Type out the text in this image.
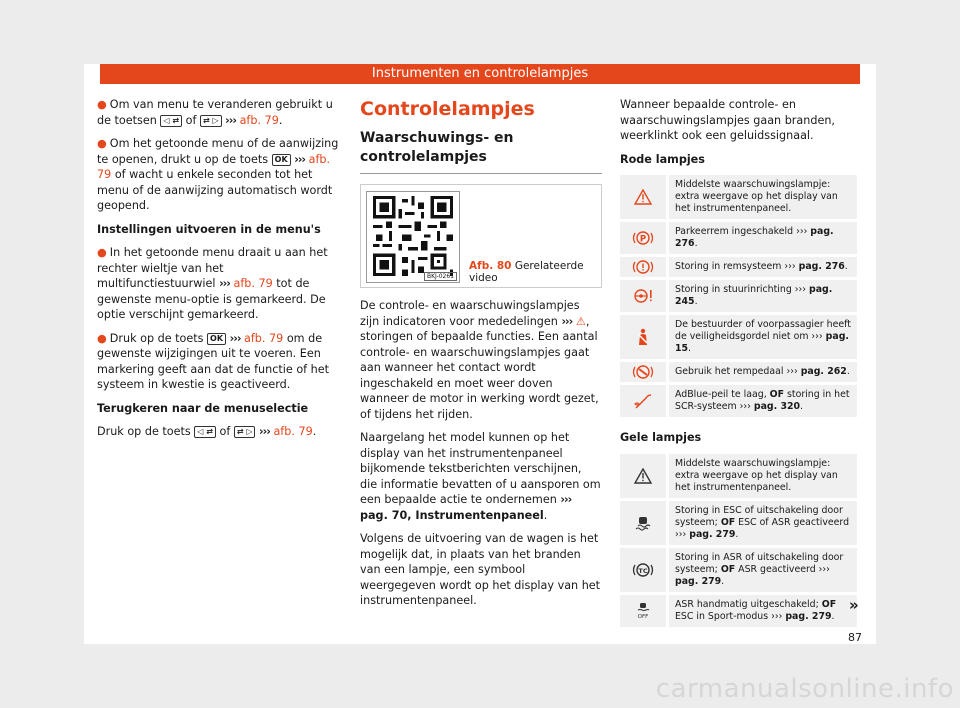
Instrumenten en controlelampjes

● Om van menu te veranderen gebruikt u de toetsen ◁ ⇄ of ⇄ ▷ ››› afb. 79.

● Om het getoonde menu of de aanwijzing te openen, drukt u op de toets OK ››› afb. 79 of wacht u enkele seconden tot het menu of de aanwijzing automatisch wordt geopend.

Instellingen uitvoeren in de menu's

● In het getoonde menu draait u aan het rechter wieltje van het multifunctiestuurwiel ››› afb. 79 tot de gewenste menu-optie is gemarkeerd. De optie verschijnt gemarkeerd.

● Druk op de toets OK ››› afb. 79 om de gewenste wijzigingen uit te voeren. Een markering geeft aan dat de functie of het systeem in kwestie is geactiveerd.

Terugkeren naar de menuselectie

Druk op de toets ◁ ⇄ of ⇄ ▷ ››› afb. 79.

Controlelampjes
Waarschuwings- en controlelampjes
BKJ-0261
Afb. 80 Gerelateerde video

De controle- en waarschuwingslampjes zijn indicatoren voor mededelingen ››› ⚠, storingen of bepaalde functies. Een aantal controle- en waarschuwingslampjes gaat aan wanneer het contact wordt ingeschakeld en moet weer doven wanneer de motor in werking wordt gezet, of tijdens het rijden.

Naargelang het model kunnen op het display van het instrumentenpaneel bijkomende tekstberichten verschijnen, die informatie bevatten of u aansporen om een bepaalde actie te ondernemen ››› pag. 70, Instrumentenpaneel.

Volgens de uitvoering van de wagen is het mogelijk dat, in plaats van het branden van een lampje, een symbool weergegeven wordt op het display van het instrumentenpaneel.

Wanneer bepaalde controle- en waarschuwingslampjes gaan branden, weerklinkt ook een geluidssignaal.

Rode lampjes

	Middelste waarschuwingslampje: extra weergave op het display van het instrumentenpaneel.

P	Parkeerrem ingeschakeld ››› pag. 276.

	Storing in remsysteem ››› pag. 276.

	Storing in stuurinrichting ››› pag. 245.

	De bestuurder of voorpassagier heeft de veiligheidsgordel niet om ››› pag. 15.

	Gebruik het rempedaal ››› pag. 262.

	AdBlue-peil te laag, OF storing in het SCR-systeem ››› pag. 320.

Gele lampjes

	Middelste waarschuwingslampje: extra weergave op het display van het instrumentenpaneel.

	Storing in ESC of uitschakeling door systeem; OF ESC of ASR geactiveerd ››› pag. 279.

TC	Storing in ASR of uitschakeling door systeem; OF ASR geactiveerd ››› pag. 279.

OFF	ASR handmatig uitgeschakeld; OF ESC in Sport-modus ››› pag. 279.
»
87
carmanualsonline.info
